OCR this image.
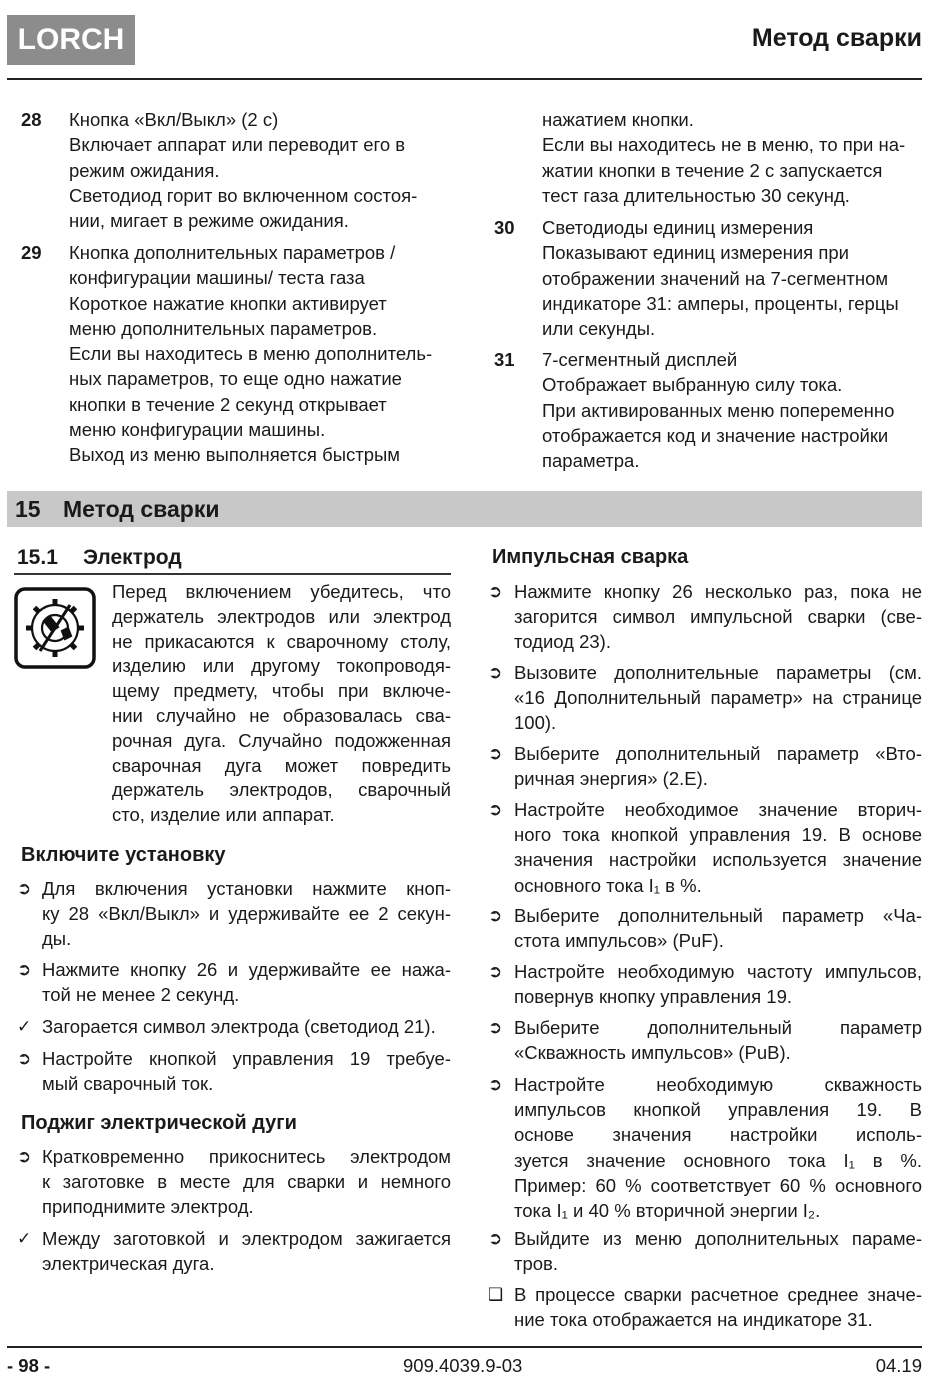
LORCH	Метод сварки
28 Кнопка «Вкл/Выкл» (2 с)
Включает аппарат или переводит его в
режим ожидания.
Светодиод горит во включенном состоя-
нии, мигает в режиме ожидания.
29 Кнопка дополнительных параметров /
конфигурации машины/ теста газа
Короткое нажатие кнопки активирует
меню дополнительных параметров.
Если вы находитесь в меню дополнитель-
ных параметров, то еще одно нажатие
кнопки в течение 2 секунд открывает
меню конфигурации машины.
Выход из меню выполняется быстрым
нажатием кнопки.
Если вы находитесь не в меню, то при на-
жатии кнопки в течение 2 с запускается
тест газа длительностью 30 секунд.
30 Светодиоды единиц измерения
Показывают единиц измерения при
отображении значений на 7-сегментном
индикаторе 31: амперы, проценты, герцы
или секунды.
31 7-сегментный дисплей
Отображает выбранную силу тока.
При активированных меню попеременно
отображается код и значение настройки
параметра.
15 Метод сварки
15.1 Электрод
Перед включением убедитесь, что
держатель электродов или электрод
не прикасаются к сварочному столу,
изделию или другому токопроводя-
щему предмету, чтобы при включе-
нии случайно не образовалась сва-
рочная дуга. Случайно подожженная
сварочная дуга может повредить
держатель электродов, сварочный
сто, изделие или аппарат.
Включите установку
➲ Для включения установки нажмите кноп-
ку 28 «Вкл/Выкл» и удерживайте ее 2 секун-
ды.
➲ Нажмите кнопку 26 и удерживайте ее нажа-
той не менее 2 секунд.
✓ Загорается символ электрода (светодиод 21).
➲ Настройте кнопкой управления 19 требуе-
мый сварочный ток.
Поджиг электрической дуги
➲ Кратковременно прикоснитесь электродом
к заготовке в месте для сварки и немного
приподнимите электрод.
✓ Между заготовкой и электродом зажигается
электрическая дуга.
Импульсная сварка
➲ Нажмите кнопку 26 несколько раз, пока не
загорится символ импульсной сварки (све-
тодиод 23).
➲ Вызовите дополнительные параметры (см.
«16 Дополнительный параметр» на странице
100).
➲ Выберите дополнительный параметр «Вто-
ричная энергия» (2.E).
➲ Настройте необходимое значение вторич-
ного тока кнопкой управления 19. В основе
значения настройки используется значение
основного тока I₁ в %.
➲ Выберите дополнительный параметр «Ча-
стота импульсов» (PuF).
➲ Настройте необходимую частоту импульсов,
повернув кнопку управления 19.
➲ Выберите дополнительный параметр
«Скважность импульсов» (PuB).
➲ Настройте необходимую скважность
импульсов кнопкой управления 19. В
основе значения настройки исполь-
зуется значение основного тока I₁ в %.
Пример: 60 % соответствует 60 % основного
тока I₁ и 40 % вторичной энергии I₂.
➲ Выйдите из меню дополнительных параме-
тров.
❑ В процессе сварки расчетное среднее значе-
ние тока отображается на индикаторе 31.
- 98 -	909.4039.9-03	04.19
